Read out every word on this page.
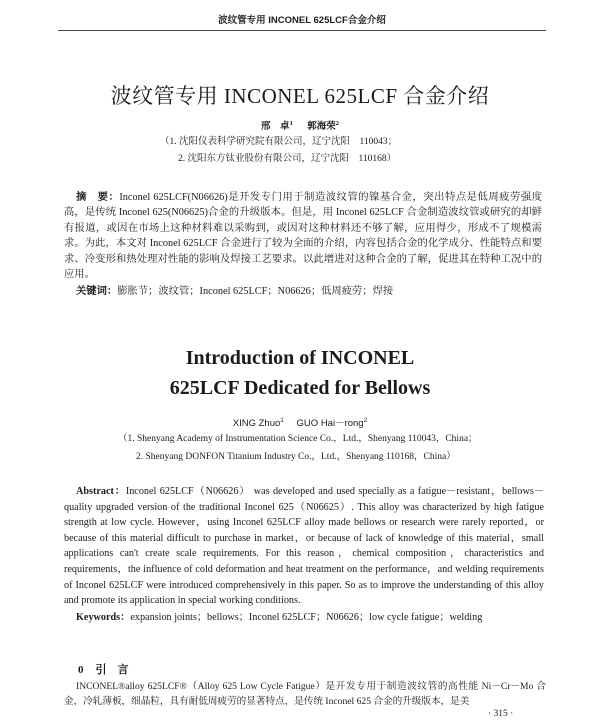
波纹管专用 INCONEL 625LCF合金介绍
波纹管专用 INCONEL 625LCF 合金介绍
邢　卓$^1$ 郭海荣$^2$
（1. 沈阳仪表科学研究院有限公司，辽宁沈阳　110043；
2. 沈阳东方钛业股份有限公司，辽宁沈阳　110168）

摘　要：Inconel 625LCF(N06626)是开发专门用于制造波纹管的镍基合金，突出特点是低周疲劳强度高，是传统 Inconel 625(N06625)合金的升级版本。但是，用 Inconel 625LCF 合金制造波纹管或研究的却鲜有报道，或因在市场上这种材料难以采购到，或因对这种材料还不够了解，应用得少，形成不了规模需求。为此，本文对 Inconel 625LCF 合金进行了较为全面的介绍，内容包括合金的化学成分、性能特点和要求、冷变形和热处理对性能的影响及焊接工艺要求。以此增进对这种合金的了解，促进其在特种工况中的应用。

关键词：膨胀节；波纹管；Inconel 625LCF；N06626；低周疲劳；焊接

Introduction of INCONEL
625LCF Dedicated for Bellows
XING Zhuo$^1$ GUO Hai－rong$^2$
（1. Shenyang Academy of Instrumentation Science Co.，Ltd.，Shenyang 110043，China；
2. Shenyang DONFON Titanium Industry Co.，Ltd.，Shenyang 110168，China）

Abstract：Inconel 625LCF（N06626） was developed and used specially as a fatigue－resistant，bellows－quality upgraded version of the traditional Inconel 625（N06625）. This alloy was characterized by high fatigue strength at low cycle. However，using Inconel 625LCF alloy made bellows or research were rarely reported，or because of this material difficult to purchase in market，or because of lack of knowledge of this material，small applications can't create scale requirements. For this reason，chemical composition，characteristics and requirements，the influence of cold deformation and heat treatment on the performance，and welding requirements of Inconel 625LCF were introduced comprehensively in this paper. So as to improve the understanding of this alloy and promote its application in special working conditions.

Keywords：expansion joints；bellows；Inconel 625LCF；N06626；low cycle fatigue；welding

0 引　言

INCONEL®alloy 625LCF®（Alloy 625 Low Cycle Fatigue）是开发专用于制造波纹管的高性能 Ni－Cr－Mo 合金，冷轧薄板，细晶粒，具有耐低周疲劳的显著特点，是传统 Inconel 625 合金的升级版本，是美

· 315 ·
